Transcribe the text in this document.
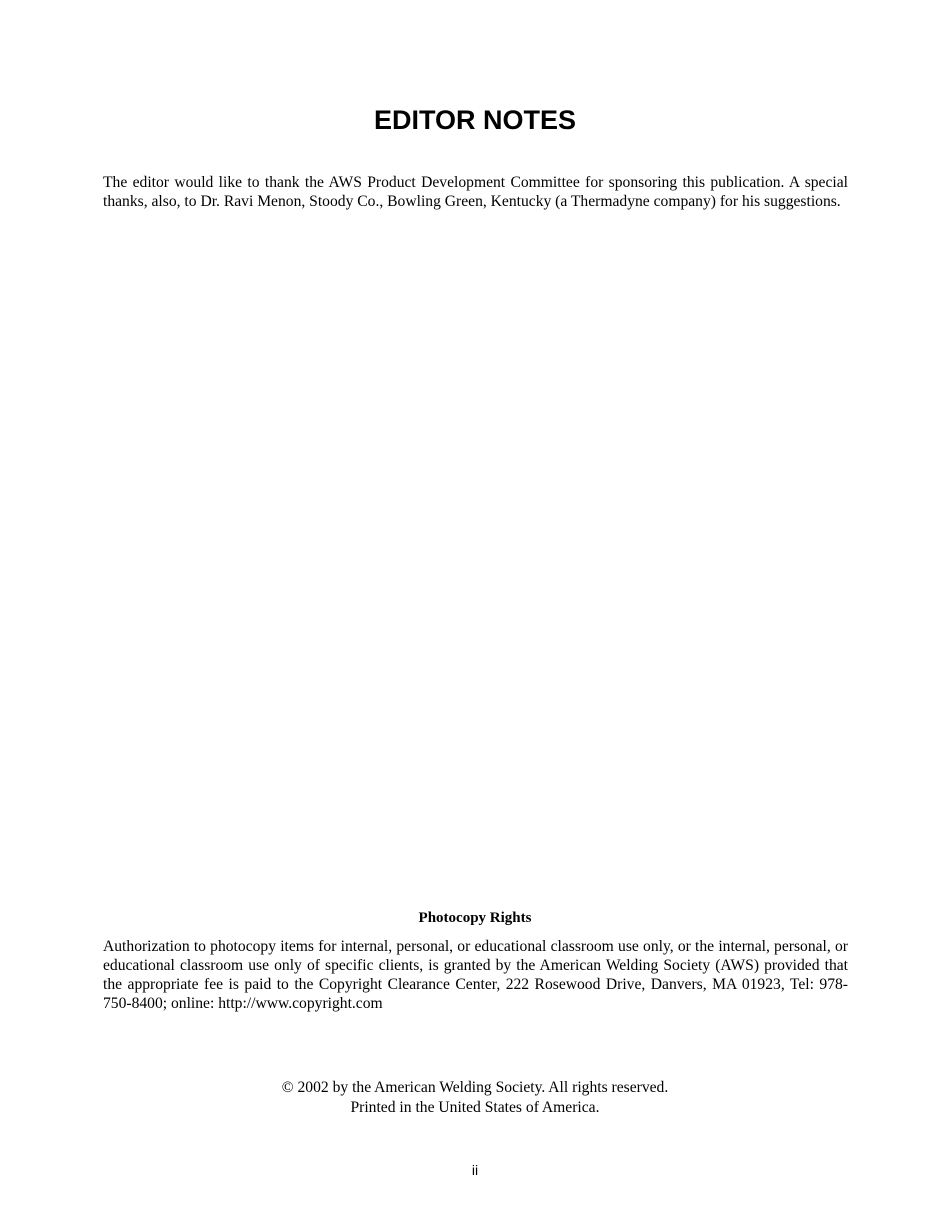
EDITOR NOTES

The editor would like to thank the AWS Product Development Committee for sponsoring this publication. A special thanks, also, to Dr. Ravi Menon, Stoody Co., Bowling Green, Kentucky (a Thermadyne company) for his suggestions.

Photocopy Rights

Authorization to photocopy items for internal, personal, or educational classroom use only, or the internal, personal, or educational classroom use only of specific clients, is granted by the American Welding Society (AWS) provided that the appropriate fee is paid to the Copyright Clearance Center, 222 Rosewood Drive, Danvers, MA 01923, Tel: 978-750-8400; online: http://www.copyright.com

© 2002 by the American Welding Society. All rights reserved.
Printed in the United States of America.

ii
